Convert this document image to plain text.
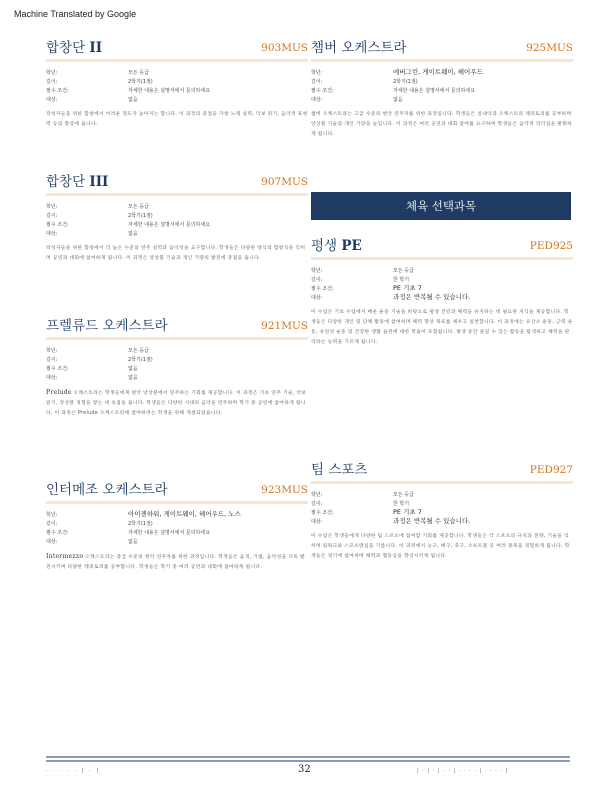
Machine Translated by Google
합창단 II	903MUS
학년:	모든 등급
길이:	2학기(1점)
필수 조건:	자세한 내용은 설명서에서 문의하세요
대상:	없음
작성자들을 위한 합창에서 어려운 정도가 높아지는 합니다. 이 과정의 중점을 가창 노래 실력, 악보 읽기, 음악적 표현력 등의 향상에 둡니다.
합창단 III	907MUS
학년:	모든 등급
길이:	2학기(1점)
필수 조건:	자세한 내용은 설명서에서 문의하세요
대상:	없음
작성자들을 위한 합창에서 더 높은 수준의 연주 실력과 음악성을 요구합니다. 학생들은 다양한 양식의 합창곡을 익히며 공연과 대회에 참여하게 됩니다. 이 과정은 앙상블 기술과 개인 기량의 발전에 중점을 둡니다.
프렐류드 오케스트라	921MUS
학년:	모든 등급
길이:	2학기(1점)
필수 조건:	없음
대상:	없음
Prelude 오케스트라는 학생들에게 현악 앙상블에서 연주하는 기회를 제공합니다. 이 과정은 기초 연주 기술, 악보 읽기, 앙상블 경험을 쌓는 데 초점을 둡니다. 학생들은 다양한 시대의 음악을 연주하며 학기 중 공연에 참여하게 됩니다. 이 과정은 Prelude 오케스트라에 참여하려는 학생을 위해 개설되었습니다.
인터메조 오케스트라	923MUS
학년:	아이젠하워, 게이트웨이, 헤어우드, 노스
길이:	2학기(1점)
필수 조건:	자세한 내용은 설명서에서 문의하세요
대상:	없음
Intermezzo 오케스트라는 중급 수준의 현악 연주자를 위한 과정입니다. 학생들은 음색, 기법, 음악성을 더욱 발전시키며 다양한 레퍼토리를 공부합니다. 학생들은 학기 중 여러 공연과 대회에 참여하게 됩니다.
챔버 오케스트라	925MUS
학년:	에버그린, 게이트웨이, 헤어우드
길이:	2학기(1점)
필수 조건:	자세한 내용은 설명서에서 문의하세요
대상:	없음
챔버 오케스트라는 고급 수준의 현악 연주자를 위한 과정입니다. 학생들은 실내악과 오케스트라 레퍼토리를 공부하며 앙상블 기술과 개인 기량을 높입니다. 이 과정은 여러 공연과 대회 참여를 요구하며 학생들은 음악적 리더십을 발휘하게 됩니다.
평생 PE	PED925
학년:	모든 등급
길이:	한 학기
필수 조건:	PE 기초 7
대상:	과정은 반복될 수 있습니다.
이 수업은 기초 수업에서 배운 운동 기술을 바탕으로 평생 건강과 체력을 유지하는 데 필요한 지식을 제공합니다. 학생들은 다양한 개인 및 단체 활동에 참여하며 체력 향상 목표를 세우고 실천합니다. 이 과정에는 유산소 운동, 근력 운동, 유연성 운동 및 건강한 생활 습관에 대한 학습이 포함됩니다. 평생 동안 즐길 수 있는 활동을 탐색하고 체력을 관리하는 능력을 기르게 됩니다.
팀 스포츠	PED927
학년:	모든 등급
길이:	한 학기
필수 조건:	PE 기초 7
대상:	과정은 반복될 수 있습니다.
이 수업은 학생들에게 다양한 팀 스포츠에 참여할 기회를 제공합니다. 학생들은 각 스포츠의 규칙과 전략, 기술을 익히며 팀워크와 스포츠맨십을 기릅니다. 이 과정에서 농구, 배구, 축구, 소프트볼 등 여러 종목을 경험하게 됩니다. 학생들은 경기에 참여하며 체력과 협동심을 향상시키게 됩니다.
체육 선택과목
· · · · · | · |	32	| · | · | · · | · · · · | · · · · |
